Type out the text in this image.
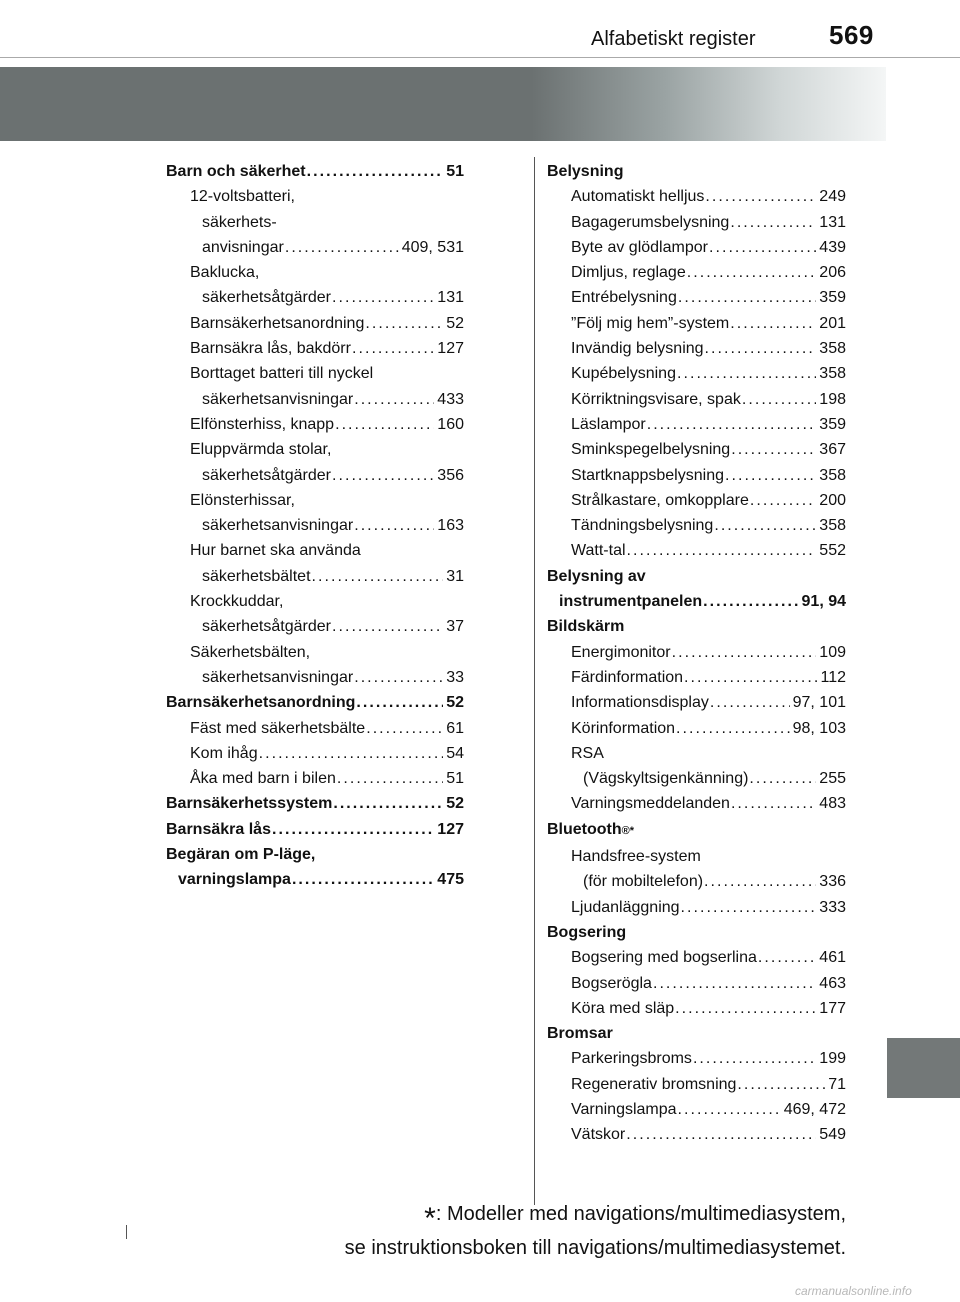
569
Alfabetiskt register
Barn och säkerhet . . .	51
12-voltsbatteri,
säkerhets-
anvisningar . . .	409, 531
Baklucka,
säkerhetsåtgärder . . .	131
Barnsäkerhetsanordning . . .	52
Barnsäkra lås, bakdörr . . .	127
Borttaget batteri till nyckel
säkerhetsanvisningar . . .	433
Elfönsterhiss, knapp . . .	160
Eluppvärmda stolar,
säkerhetsåtgärder . . .	356
Elönsterhissar,
säkerhetsanvisningar . . .	163
Hur barnet ska använda
säkerhetsbältet . . .	31
Krockkuddar,
säkerhetsåtgärder . . .	37
Säkerhetsbälten,
säkerhetsanvisningar . . .	33
Barnsäkerhetsanordning . . .	52
Fäst med säkerhetsbälte . . .	61
Kom ihåg . . .	54
Åka med barn i bilen . . .	51
Barnsäkerhetssystem . . .	52
Barnsäkra lås . . .	127
Begäran om P-läge,
varningslampa . . .	475
Belysning
Automatiskt helljus . . .	249
Bagagerumsbelysning . . .	131
Byte av glödlampor . . .	439
Dimljus, reglage . . .	206
Entrébelysning . . .	359
”Följ mig hem”-system . . .	201
Invändig belysning . . .	358
Kupébelysning . . .	358
Körriktningsvisare, spak . . .	198
Läslampor . . .	359
Sminkspegelbelysning . . .	367
Startknappsbelysning . . .	358
Strålkastare, omkopplare . . .	200
Tändningsbelysning . . .	358
Watt-tal . . .	552
Belysning av
instrumentpanelen . . .	91, 94
Bildskärm
Energimonitor . . .	109
Färdinformation . . .	112
Informationsdisplay . . .	97, 101
Körinformation . . .	98, 103
RSA
(Vägskyltsigenkänning) . . .	255
Varningsmeddelanden . . .	483
Bluetooth ®*
Handsfree-system
(för mobiltelefon) . . .	336
Ljudanläggning . . .	333
Bogsering
Bogsering med bogserlina . . .	461
Bogserögla . . .	463
Köra med släp . . .	177
Bromsar
Parkeringsbroms . . .	199
Regenerativ bromsning . . .	71
Varningslampa . . .	469, 472
Vätskor . . .	549
*: Modeller med navigations/multimediasystem,
se instruktionsboken till navigations/multimediasystemet.
carmanualsonline.info
